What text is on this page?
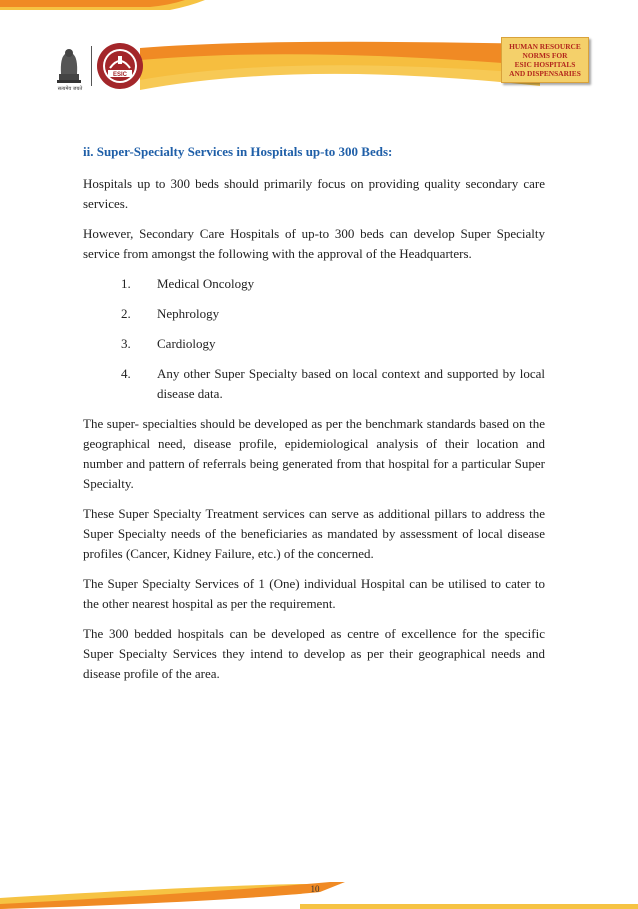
सत्यमेव जयते
ESIC
HUMAN RESOURCE
NORMS FOR
ESIC HOSPITALS
AND DISPENSARIES

ii. Super-Specialty Services in Hospitals up-to 300 Beds:

Hospitals up to 300 beds should primarily focus on providing quality secondary care services.

However, Secondary Care Hospitals of up-to 300 beds can develop Super Specialty service from amongst the following with the approval of the Headquarters.

1.	Medical Oncology
2.	Nephrology
3.	Cardiology
4.	Any other Super Specialty based on local context and supported by local disease data.

The super- specialties should be developed as per the benchmark standards based on the geographical need, disease profile, epidemiological analysis of their location and number and pattern of referrals being generated from that hospital for a particular Super Specialty.

These Super Specialty Treatment services can serve as additional pillars to address the Super Specialty needs of the beneficiaries as mandated by assessment of local disease profiles (Cancer, Kidney Failure, etc.) of the concerned.

The Super Specialty Services of 1 (One) individual Hospital can be utilised to cater to the other nearest hospital as per the requirement.

The 300 bedded hospitals can be developed as centre of excellence for the specific Super Specialty Services they intend to develop as per their geographical needs and disease profile of the area.

10
